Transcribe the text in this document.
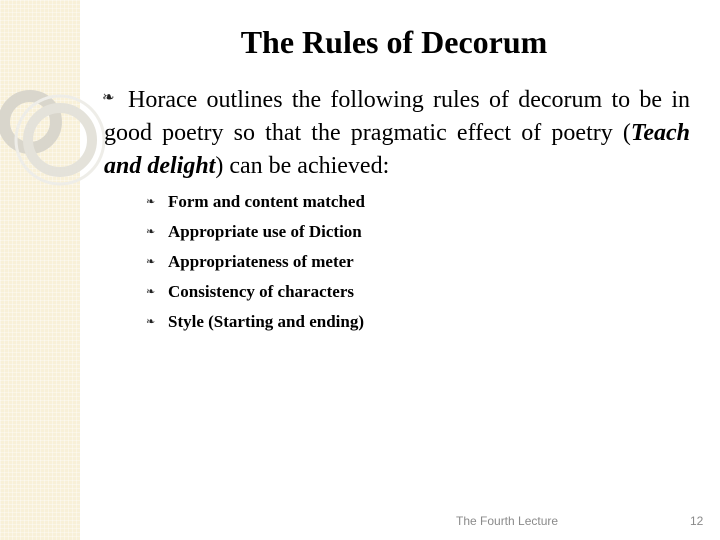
The Rules of Decorum
❧ Horace outlines the following rules of decorum to be in good poetry so that the pragmatic effect of poetry (Teach and delight) can be achieved:
❧ Form and content matched
❧ Appropriate use of Diction
❧ Appropriateness of meter
❧ Consistency of characters
❧ Style (Starting and ending)
The Fourth Lecture	12
